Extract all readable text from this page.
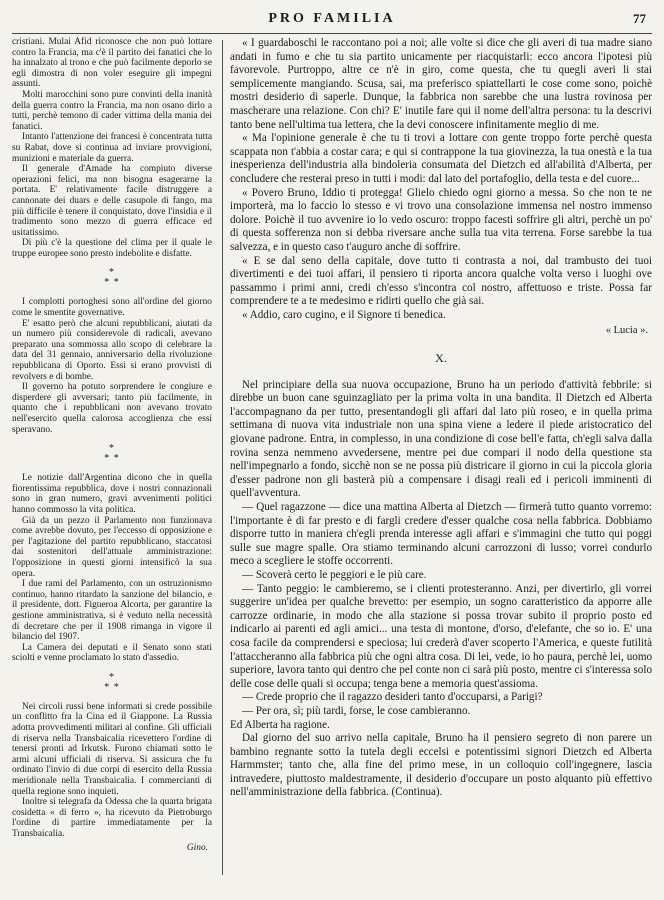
PRO FAMILIA	77

cristiani. Mulai Afid riconosce che non può lottare contro la Francia, ma c'è il partito dei fanatici che lo ha innalzato al trono e che può facilmente deporlo se egli dimostra di non voler eseguire gli impegni assunti.

Molti marocchini sono pure convinti della inanità della guerra contro la Francia, ma non osano dirlo a tutti, perchè temono di cader vittima della mania dei fanatici.

Intanto l'attenzione dei francesi è concentrata tutta su Rabat, dove si continua ad inviare provvigioni, munizioni e materiale da guerra.

Il generale d'Amade ha compiuto diverse operazioni felici, ma non bisogna esagerarne la portata. E' relativamente facile distruggere a cannonate dei duars e delle casupole di fango, ma più difficile è tenere il conquistato, dove l'insidia e il tradimento sono mezzo di guerra efficace ed usitatissimo.

Di più c'è la questione del clima per il quale le truppe europee sono presto indebolite e disfatte.

*
* *

I complotti portoghesi sono all'ordine del giorno come le smentite governative.

E' esatto però che alcuni repubblicani, aiutati da un numero più considerevole di radicali, avevano preparato una sommossa allo scopo di celebrare la data del 31 gennaio, anniversario della rivoluzione repubblicana di Oporto. Essi si erano provvisti di revolvers e di bombe.

Il governo ha potuto sorprendere le congiure e disperdere gli avversari; tanto più facilmente, in quanto che i repubblicani non avevano trovato nell'esercito quella calorosa accoglienza che essi speravano.

*
* *

Le notizie dall'Argentina dicono che in quella fiorentissima repubblica, dove i nostri connazionali sono in gran numero, gravi avvenimenti politici hanno commosso la vita politica.

Già da un pezzo il Parlamento non funzionava come avrebbe dovuto, per l'eccesso di opposizione e per l'agitazione del partito repubblicano, staccatosi dai sostenitori dell'attuale amministrazione: l'opposizione in questi giorni intensificò la sua opera.

I due rami del Parlamento, con un ostruzionismo continuo, hanno ritardato la sanzione del bilancio, e il presidente, dott. Figueroa Alcorta, per garantire la gestione amministrativa, si è veduto nella necessità di decretare che per il 1908 rimanga in vigore il bilancio del 1907.

La Camera dei deputati e il Senato sono stati sciolti e venne proclamato lo stato d'assedio.

*
* *

Nei circoli russi bene informati si crede possibile un conflitto fra la Cina ed il Giappone. La Russia adotta provvedimenti militari al confine. Gli ufficiali di riserva nella Transbaicalia ricevettero l'ordine di tenersi pronti ad Irkutsk. Furono chiamati sotto le armi alcuni ufficiali di riserva. Si assicura che fu ordinato l'invio di due corpi di esercito della Russia meridionale nella Transbaicalia. I commercianti di quella regione sono inquieti.

Inoltre si telegrafa da Odessa che la quarta brigata cosidetta « di ferro », ha ricevuto da Pietroburgo l'ordine di partire immediatamente per la Transbaicalia.

Gino.

« I guardaboschi le raccontano poi a noi; alle volte si dice che gli averi di tua madre siano andati in fumo e che tu sia partito unicamente per riacquistarli: ecco ancora l'ipotesi più favorevole. Purtroppo, altre ce n'è in giro, come questa, che tu quegli averi li stai semplicemente mangiando. Scusa, sai, ma preferisco spiattellarti le cose come sono, poichè mostri desiderio di saperle. Dunque, la fabbrica non sarebbe che una lustra rovinosa per mascherare una relazione. Con chi? E' inutile fare qui il nome dell'altra persona: tu la descrivi tanto bene nell'ultima tua lettera, che la devi conoscere infinitamente meglio di me.

« Ma l'opinione generale è che tu ti trovi a lottare con gente troppo forte perchè questa scappata non t'abbia a costar cara; e qui si contrappone la tua giovinezza, la tua onestà e la tua inesperienza dell'industria alla bindoleria consumata del Dietzch ed all'abilità d'Alberta, per concludere che resterai preso in tutti i modi: dal lato del portafoglio, della testa e del cuore...

« Povero Bruno, Iddio ti protegga! Glielo chiedo ogni giorno a messa. So che non te ne importerà, ma lo faccio lo stesso e vi trovo una consolazione immensa nel nostro immenso dolore. Poichè il tuo avvenire io lo vedo oscuro: troppo facesti soffrire gli altri, perchè un po' di questa sofferenza non si debba riversare anche sulla tua vita terrena. Forse sarebbe la tua salvezza, e in questo caso t'auguro anche di soffrire.

« E se dal seno della capitale, dove tutto ti contrasta a noi, dal trambusto dei tuoi divertimenti e dei tuoi affari, il pensiero ti riporta ancora qualche volta verso i luoghi ove passammo i primi anni, credi ch'esso s'incontra col nostro, affettuoso e triste. Possa far comprendere te a te medesimo e ridirti quello che già sai.

« Addio, caro cugino, e il Signore ti benedica.

« Lucia ».
X.

Nel principiare della sua nuova occupazione, Bruno ha un periodo d'attività febbrile: si direbbe un buon cane sguinzagliato per la prima volta in una bandita. Il Dietzch ed Alberta l'accompagnano da per tutto, presentandogli gli affari dal lato più roseo, e in quella prima settimana di nuova vita industriale non una spina viene a ledere il piede aristocratico del giovane padrone. Entra, in complesso, in una condizione di cose bell'e fatta, ch'egli salva dalla rovina senza nemmeno avvedersene, mentre pei due compari il nodo della questione sta nell'impegnarlo a fondo, sicchè non se ne possa più districare il giorno in cui la piccola gloria d'esser padrone non gli basterà più a compensare i disagi reali ed i pericoli imminenti di quell'avventura.

— Quel ragazzone — dice una mattina Alberta al Dietzch — firmerà tutto quanto vorremo: l'importante è di far presto e di fargli credere d'esser qualche cosa nella fabbrica. Dobbiamo disporre tutto in maniera ch'egli prenda interesse agli affari e s'immagini che tutto qui poggi sulle sue magre spalle. Ora stiamo terminando alcuni carrozzoni di lusso; vorrei condurlo meco a scegliere le stoffe occorrenti.

— Scoverà certo le peggiori e le più care.

— Tanto peggio: le cambieremo, se i clienti protesteranno. Anzi, per divertirlo, gli vorrei suggerire un'idea per qualche brevetto: per esempio, un sogno caratteristico da apporre alle carrozze ordinarie, in modo che alla stazione si possa trovar subito il proprio posto ed indicarlo ai parenti ed agli amici... una testa di montone, d'orso, d'elefante, che so io. E' una cosa facile da comprendersi e speciosa; lui crederà d'aver scoperto l'America, e queste futilità l'attaccheranno alla fabbrica più che ogni altra cosa. Di lei, vede, io ho paura, perchè lei, uomo superiore, lavora tanto qui dentro che pel conte non ci sarà più posto, mentre ci s'interessa solo delle cose delle quali si occupa; tenga bene a memoria quest'assioma.

— Crede proprio che il ragazzo desideri tanto d'occuparsi, a Parigi?

— Per ora, sì; più tardi, forse, le cose cambieranno.

Ed Alberta ha ragione.

Dal giorno del suo arrivo nella capitale, Bruno ha il pensiero segreto di non parere un bambino regnante sotto la tutela degli eccelsi e potentissimi signori Dietzch ed Alberta Harmmster; tanto che, alla fine del primo mese, in un colloquio coll'ingegnere, lascia intravedere, piuttosto maldestramente, il desiderio d'occupare un posto alquanto più effettivo nell'amministrazione della fabbrica. (Continua).
